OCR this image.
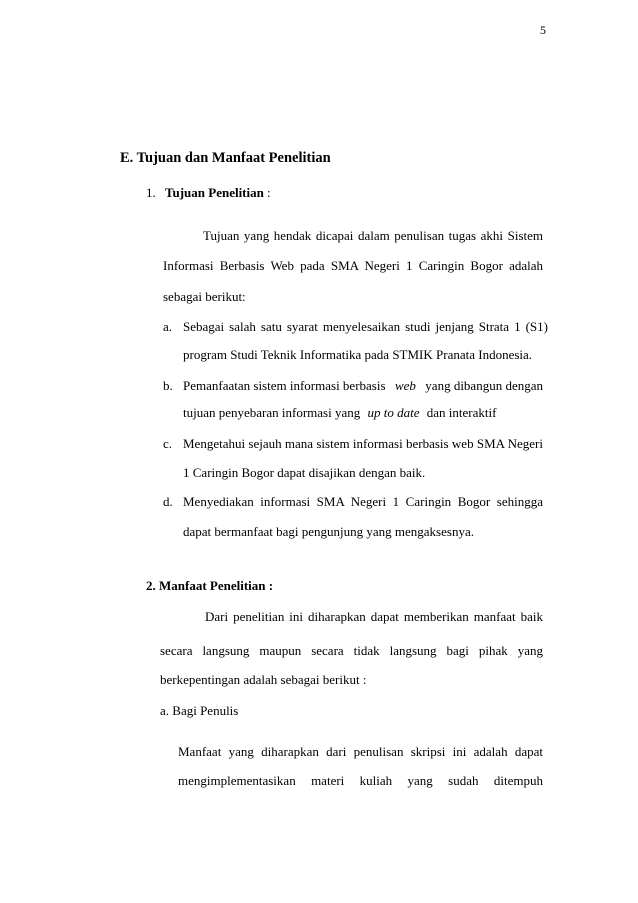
5
E. Tujuan dan Manfaat Penelitian
1. Tujuan Penelitian :
Tujuan yang hendak dicapai dalam penulisan tugas akhi Sistem
Informasi Berbasis Web pada SMA Negeri 1 Caringin Bogor adalah
sebagai berikut:
a. Sebagai salah satu syarat menyelesaikan studi jenjang Strata 1 (S1)
program Studi Teknik Informatika pada STMIK Pranata Indonesia.
b. Pemanfaatan sistem informasi berbasis web yang dibangun dengan
tujuan penyebaran informasi yang up to date dan interaktif
c. Mengetahui sejauh mana sistem informasi berbasis web SMA Negeri
1 Caringin Bogor dapat disajikan dengan baik.
d. Menyediakan informasi SMA Negeri 1 Caringin Bogor sehingga
dapat bermanfaat bagi pengunjung yang mengaksesnya.
2. Manfaat Penelitian :
Dari penelitian ini diharapkan dapat memberikan manfaat baik
secara langsung maupun secara tidak langsung bagi pihak yang
berkepentingan adalah sebagai berikut :
a. Bagi Penulis
Manfaat yang diharapkan dari penulisan skripsi ini adalah dapat
mengimplementasikan materi kuliah yang sudah ditempuh
